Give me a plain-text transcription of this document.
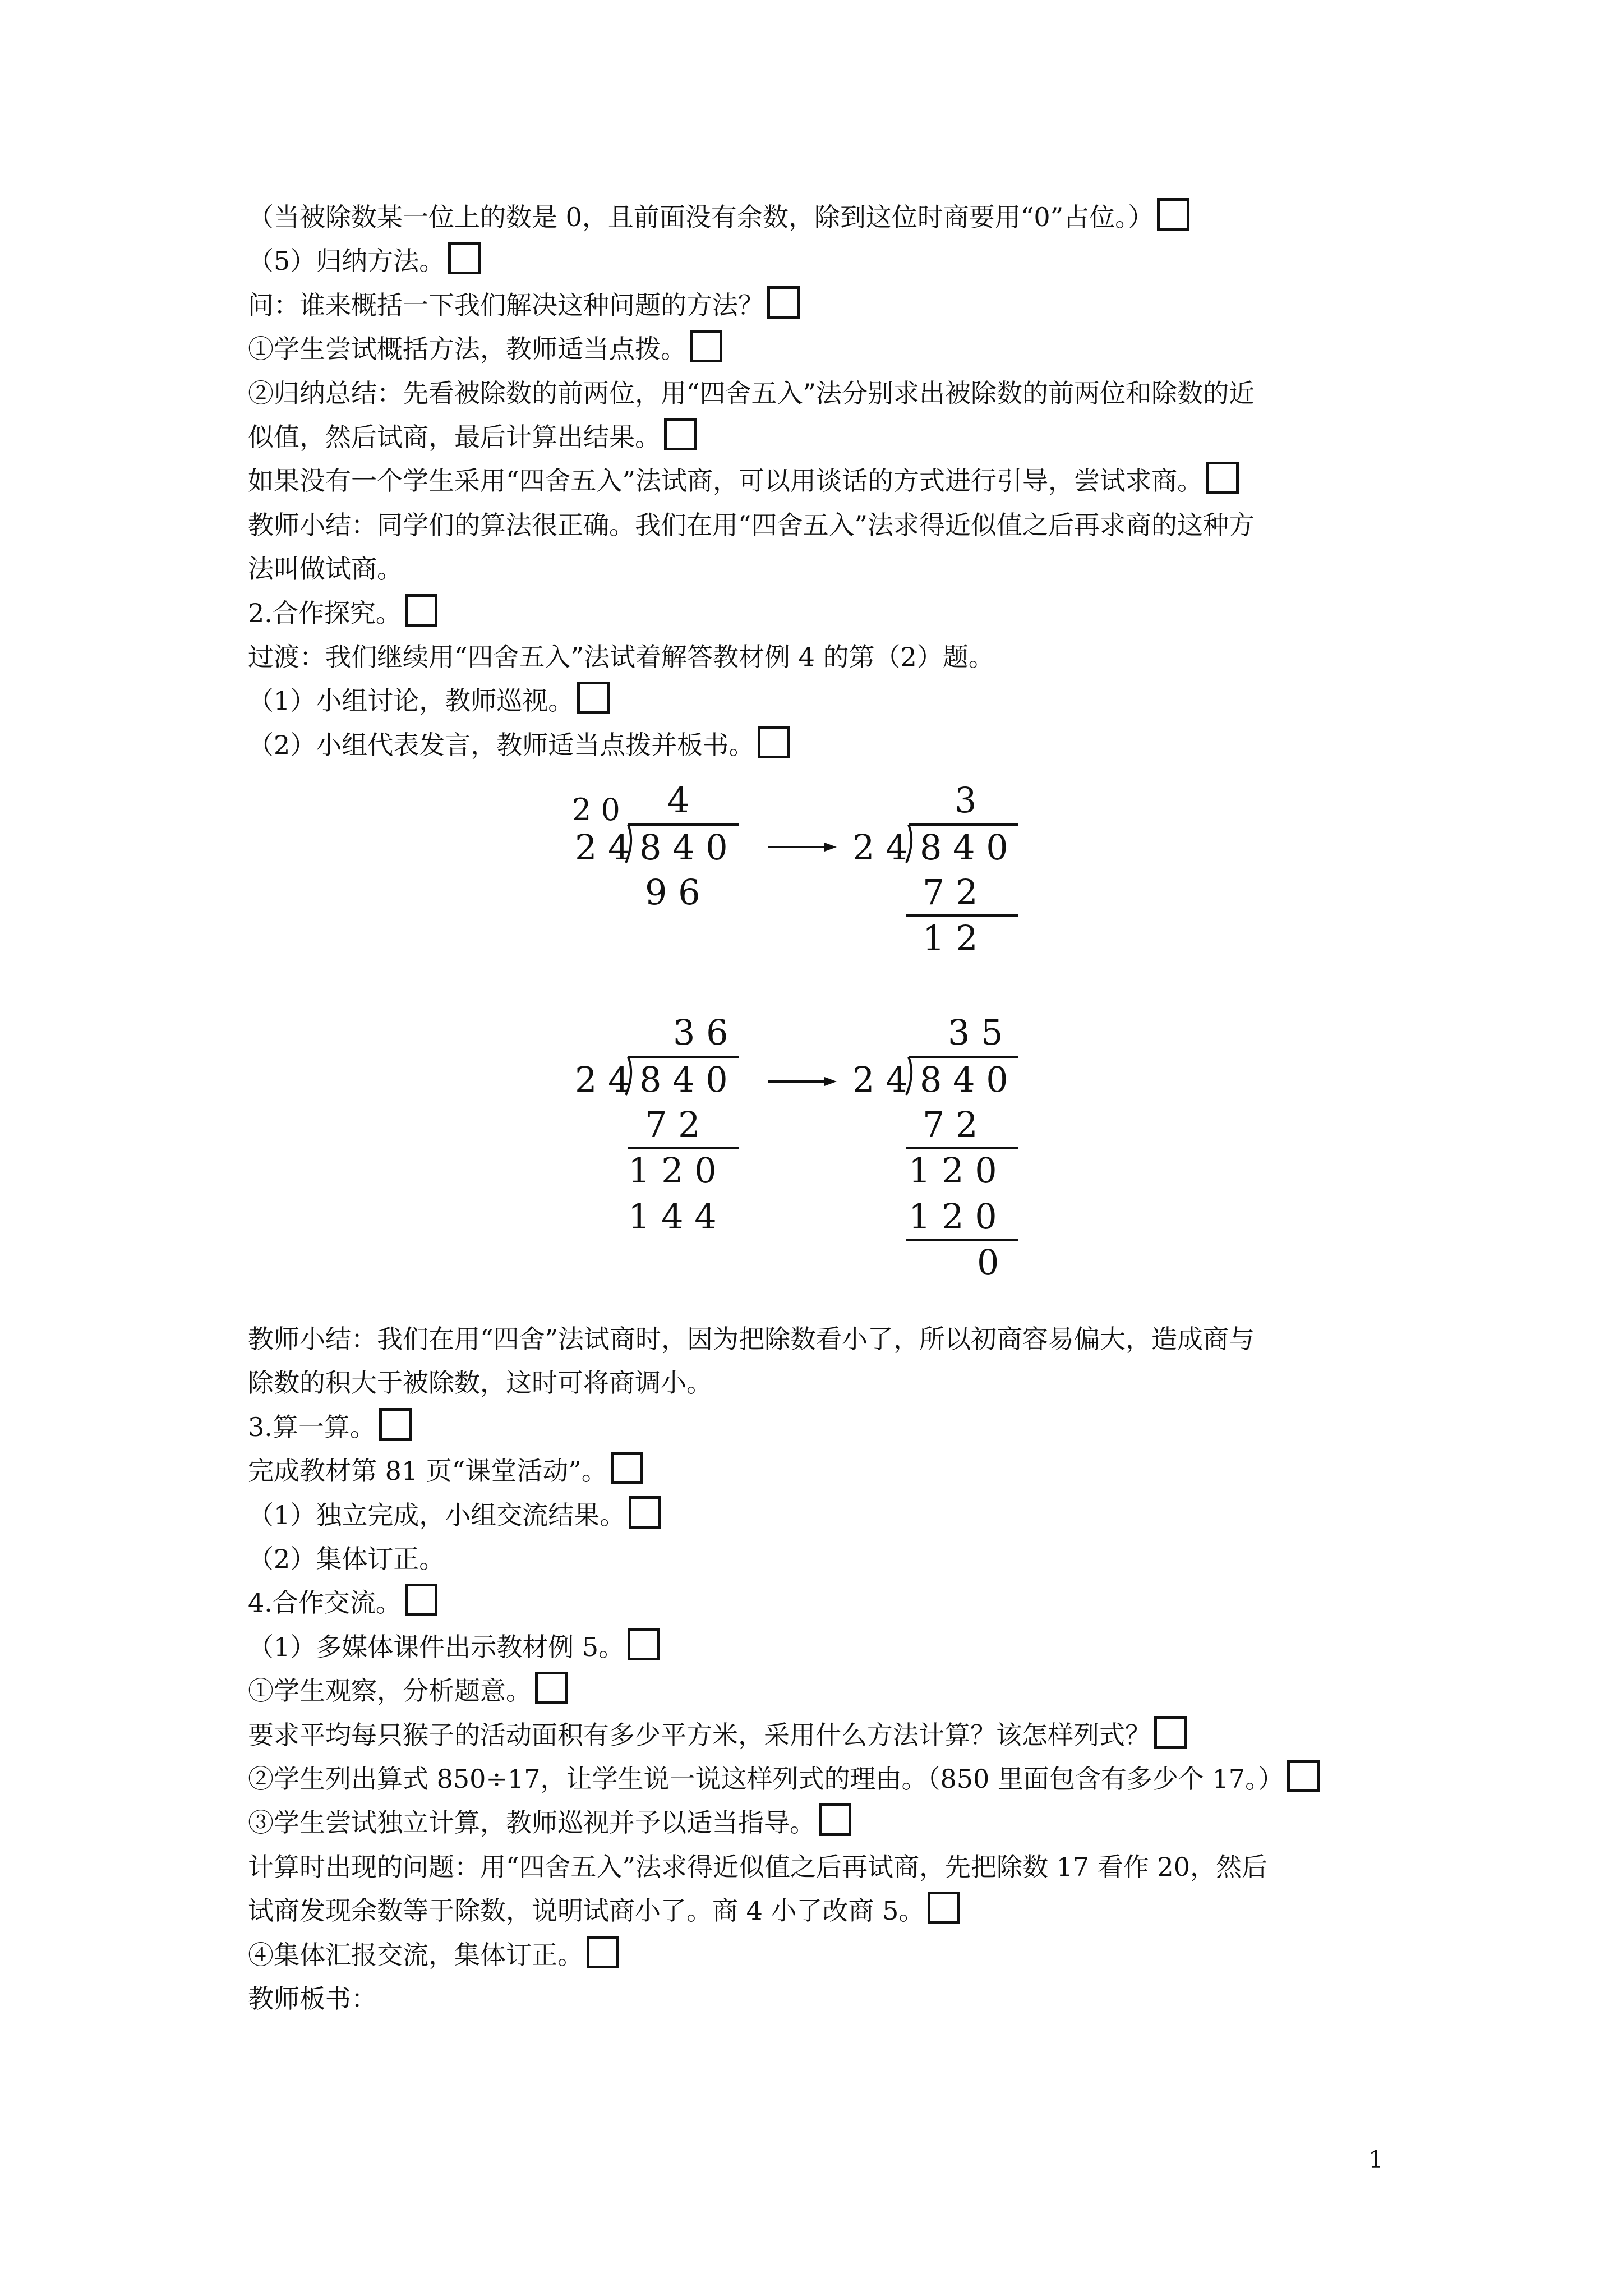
（当被除数某一位上的数是 0，且前面没有余数，除到这位时商要用“0”占位。）
（5）归纳方法。
问：谁来概括一下我们解决这种问题的方法？
①学生尝试概括方法，教师适当点拨。
②归纳总结：先看被除数的前两位，用“四舍五入”法分别求出被除数的前两位和除数的近
似值，然后试商，最后计算出结果。
如果没有一个学生采用“四舍五入”法试商，可以用谈话的方式进行引导，尝试求商。
教师小结：同学们的算法很正确。我们在用“四舍五入”法求得近似值之后再求商的这种方
法叫做试商。
2.合作探究。
过渡：我们继续用“四舍五入”法试着解答教材例 4 的第（2）题。
（1）小组讨论，教师巡视。
（2）小组代表发言，教师适当点拨并板书。
教师小结：我们在用“四舍”法试商时，因为把除数看小了，所以初商容易偏大，造成商与
除数的积大于被除数，这时可将商调小。
3.算一算。
完成教材第 81 页“课堂活动”。
（1）独立完成，小组交流结果。
（2）集体订正。
4.合作交流。
（1）多媒体课件出示教材例 5。
①学生观察，分析题意。
要求平均每只猴子的活动面积有多少平方米，采用什么方法计算？该怎样列式？
②学生列出算式 850÷17，让学生说一说这样列式的理由。（850 里面包含有多少个 17。）
③学生尝试独立计算，教师巡视并予以适当指导。
计算时出现的问题：用“四舍五入”法求得近似值之后再试商，先把除数 17 看作 20，然后
试商发现余数等于除数，说明试商小了。商 4 小了改商 5。
④集体汇报交流，集体订正。
教师板书：
2 0 4
2 4 8 4 0
9 6
3
2 4 8 4 0
7 2
1 2
3 6
2 4 8 4 0
7 2
1 2 0
1 4 4
3 5
2 4 8 4 0
7 2
1 2 0
1 2 0
0
1
